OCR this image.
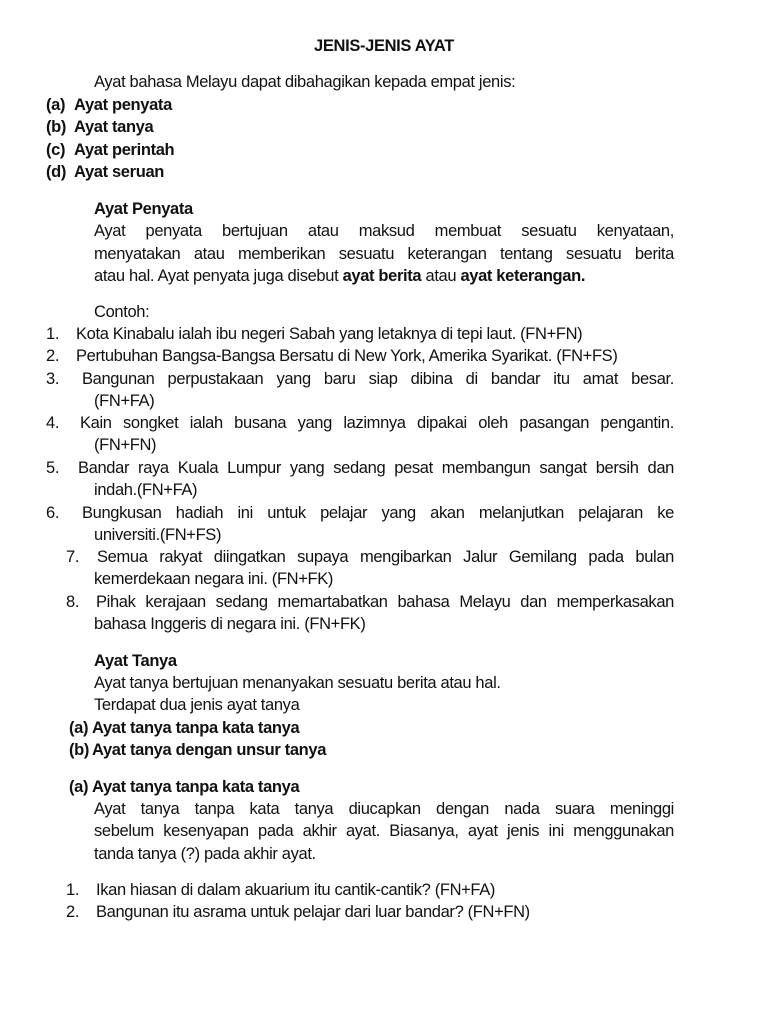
JENIS-JENIS AYAT
Ayat bahasa Melayu dapat dibahagikan kepada empat jenis:
(a) Ayat penyata
(b) Ayat tanya
(c) Ayat perintah
(d) Ayat seruan
Ayat Penyata
Ayat penyata bertujuan atau maksud membuat sesuatu kenyataan,
menyatakan atau memberikan sesuatu keterangan tentang sesuatu berita
atau hal. Ayat penyata juga disebut ayat berita atau ayat keterangan.
Contoh:
1. Kota Kinabalu ialah ibu negeri Sabah yang letaknya di tepi laut. (FN+FN)
2. Pertubuhan Bangsa-Bangsa Bersatu di New York, Amerika Syarikat. (FN+FS)
3. Bangunan perpustakaan yang baru siap dibina di bandar itu amat besar.
(FN+FA)
4. Kain songket ialah busana yang lazimnya dipakai oleh pasangan pengantin.
(FN+FN)
5. Bandar raya Kuala Lumpur yang sedang pesat membangun sangat bersih dan
indah.(FN+FA)
6. Bungkusan hadiah ini untuk pelajar yang akan melanjutkan pelajaran ke
universiti.(FN+FS)
7. Semua rakyat diingatkan supaya mengibarkan Jalur Gemilang pada bulan
kemerdekaan negara ini. (FN+FK)
8. Pihak kerajaan sedang memartabatkan bahasa Melayu dan memperkasakan
bahasa Inggeris di negara ini. (FN+FK)
Ayat Tanya
Ayat tanya bertujuan menanyakan sesuatu berita atau hal.
Terdapat dua jenis ayat tanya
(a) Ayat tanya tanpa kata tanya
(b) Ayat tanya dengan unsur tanya
(a) Ayat tanya tanpa kata tanya
Ayat tanya tanpa kata tanya diucapkan dengan nada suara meninggi
sebelum kesenyapan pada akhir ayat. Biasanya, ayat jenis ini menggunakan
tanda tanya (?) pada akhir ayat.
1. Ikan hiasan di dalam akuarium itu cantik-cantik? (FN+FA)
2. Bangunan itu asrama untuk pelajar dari luar bandar? (FN+FN)
